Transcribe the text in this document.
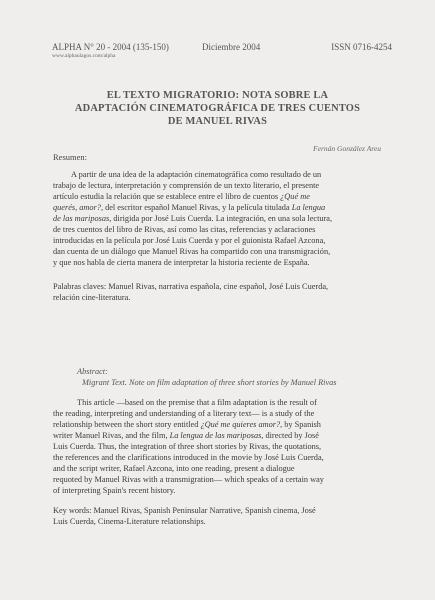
ALPHA N° 20 - 2004 (135-150)	Diciembre 2004	ISSN 0716-4254
www.alphaulagos.com/alpha
EL TEXTO MIGRATORIO: NOTA SOBRE LA
ADAPTACIÓN CINEMATOGRÁFICA DE TRES CUENTOS
DE MANUEL RIVAS
Fernán González Areu
Resumen:
A partir de una idea de la adaptación cinematográfica como resultado de un
trabajo de lectura, interpretación y comprensión de un texto literario, el presente
artículo estudia la relación que se establece entre el libro de cuentos ¿Qué me
querés, amor?, del escritor español Manuel Rivas, y la película titulada La lengua
de las mariposas, dirigida por José Luis Cuerda. La integración, en una sola lectura,
de tres cuentos del libro de Rivas, así como las citas, referencias y aclaraciones
introducidas en la película por José Luis Cuerda y por el guionista Rafael Azcona,
dan cuenta de un diálogo que Manuel Rivas ha compartido con una transmigración,
y que nos habla de cierta manera de interpretar la historia reciente de España.
Palabras claves: Manuel Rivas, narrativa española, cine español, José Luis Cuerda,
relación cine-literatura.
Abstract:
Migrant Text. Note on film adaptation of three short stories by Manuel Rivas
This article —based on the premise that a film adaptation is the result of
the reading, interpreting and understanding of a literary text— is a study of the
relationship between the short story entitled ¿Qué me quieres amor?, by Spanish
writer Manuel Rivas, and the film, La lengua de las mariposas, directed by José
Luis Cuerda. Thus, the integration of three short stories by Rivas, the quotations,
the references and the clarifications introduced in the movie by José Luis Cuerda,
and the script writer, Rafael Azcona, into one reading, present a dialogue
requoted by Manuel Rivas with a transmigration— which speaks of a certain way
of interpreting Spain's recent history.
Key words: Manuel Rivas, Spanish Peninsular Narrative, Spanish cinema, José
Luis Cuerda, Cinema-Literature relationships.
